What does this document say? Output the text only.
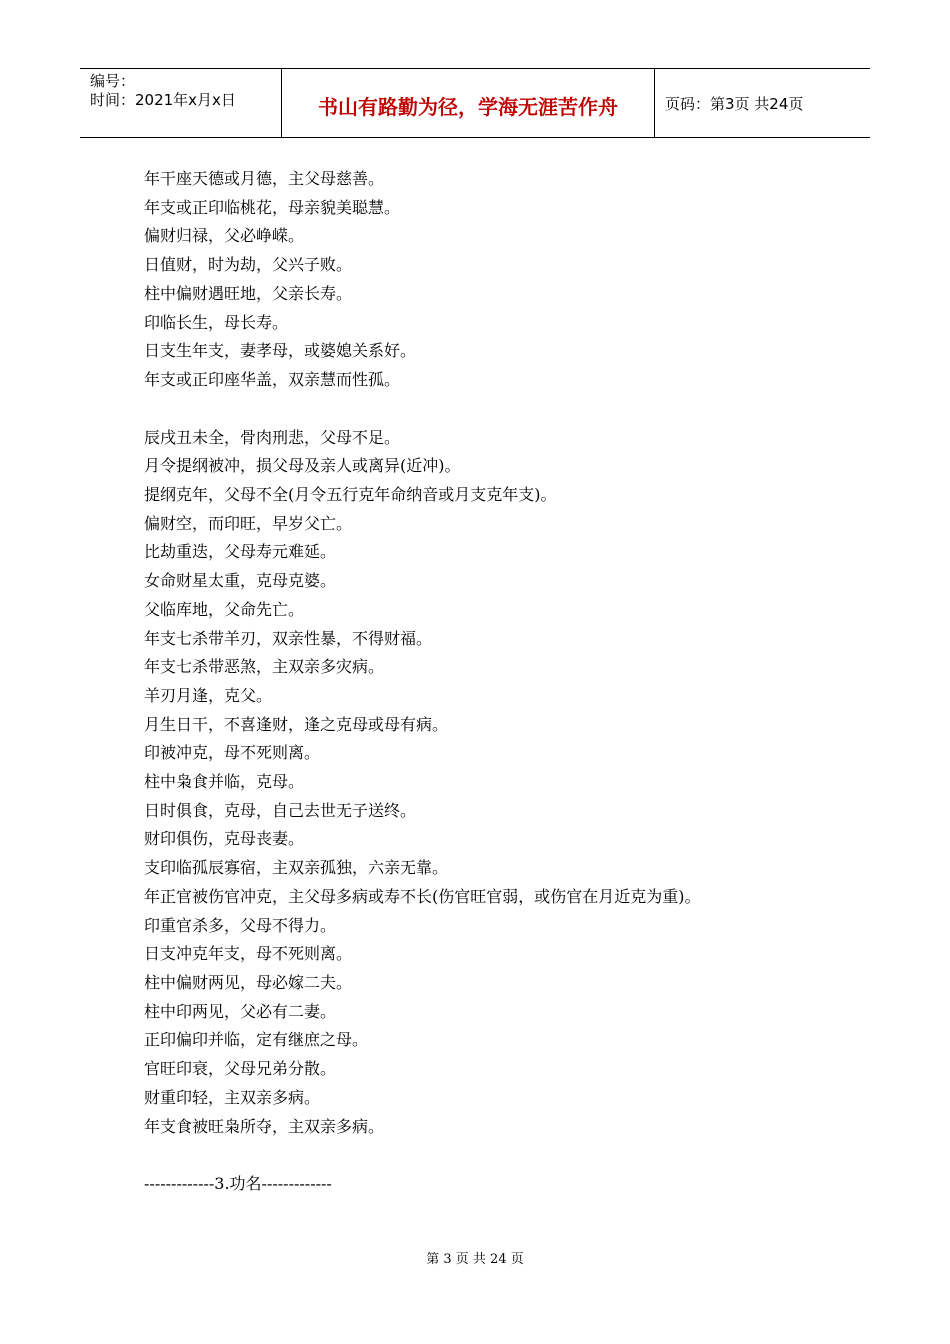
编号：
时间：2021年x月x日	书山有路勤为径，学海无涯苦作舟	页码：第3页 共24页
年干座天德或月德，主父母慈善。
年支或正印临桃花，母亲貌美聪慧。
偏财归禄，父必峥嵘。
日值财，时为劫，父兴子败。
柱中偏财遇旺地，父亲长寿。
印临长生，母长寿。
日支生年支，妻孝母，或婆媳关系好。
年支或正印座华盖，双亲慧而性孤。
辰戌丑未全，骨肉刑悲，父母不足。
月令提纲被冲，损父母及亲人或离异(近冲)。
提纲克年，父母不全(月令五行克年命纳音或月支克年支)。
偏财空，而印旺，早岁父亡。
比劫重迭，父母寿元难延。
女命财星太重，克母克婆。
父临库地，父命先亡。
年支七杀带羊刃，双亲性暴，不得财福。
年支七杀带恶煞，主双亲多灾病。
羊刃月逢，克父。
月生日干，不喜逢财，逢之克母或母有病。
印被冲克，母不死则离。
柱中枭食并临，克母。
日时俱食，克母，自己去世无子送终。
财印俱伤，克母丧妻。
支印临孤辰寡宿，主双亲孤独，六亲无靠。
年正官被伤官冲克，主父母多病或寿不长(伤官旺官弱，或伤官在月近克为重)。
印重官杀多，父母不得力。
日支冲克年支，母不死则离。
柱中偏财两见，母必嫁二夫。
柱中印两见，父必有二妻。
正印偏印并临，定有继庶之母。
官旺印衰，父母兄弟分散。
财重印轻，主双亲多病。
年支食被旺枭所夺，主双亲多病。
-------------3.功名-------------
第 3 页 共 24 页
